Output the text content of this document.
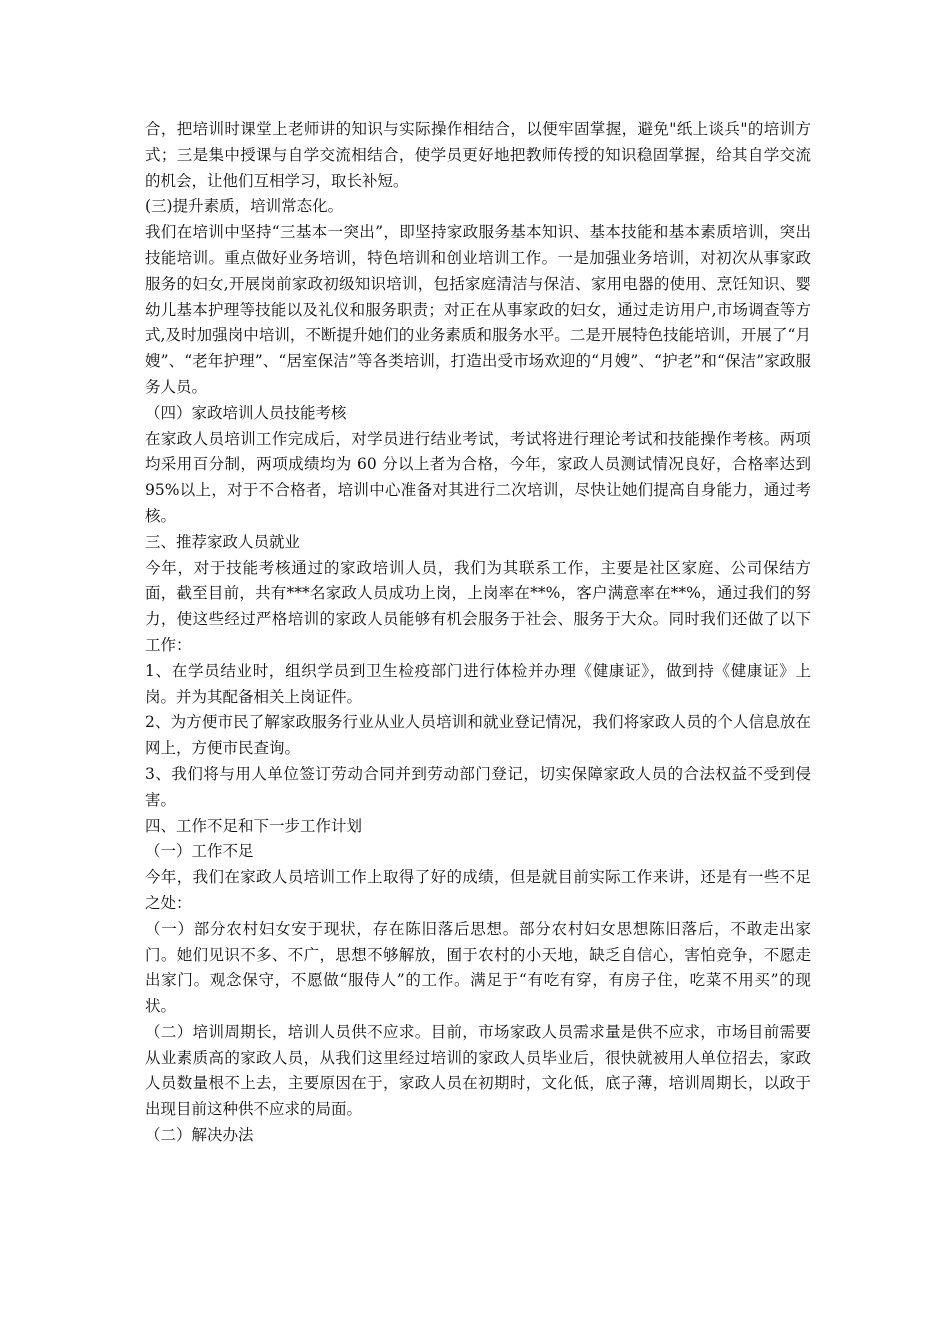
合，把培训时课堂上老师讲的知识与实际操作相结合，以便牢固掌握，避免"纸上谈兵"的培训方式；三是集中授课与自学交流相结合，使学员更好地把教师传授的知识稳固掌握，给其自学交流的机会，让他们互相学习，取长补短。

(三)提升素质，培训常态化。

我们在培训中坚持“三基本一突出”，即坚持家政服务基本知识、基本技能和基本素质培训，突出技能培训。重点做好业务培训，特色培训和创业培训工作。一是加强业务培训，对初次从事家政服务的妇女,开展岗前家政初级知识培训，包括家庭清洁与保洁、家用电器的使用、烹饪知识、婴幼儿基本护理等技能以及礼仪和服务职责；对正在从事家政的妇女，通过走访用户,市场调查等方式,及时加强岗中培训，不断提升她们的业务素质和服务水平。二是开展特色技能培训，开展了“月嫂”、“老年护理”、“居室保洁”等各类培训，打造出受市场欢迎的“月嫂”、“护老”和“保洁”家政服务人员。

（四）家政培训人员技能考核

在家政人员培训工作完成后，对学员进行结业考试，考试将进行理论考试和技能操作考核。两项均采用百分制，两项成绩均为 60 分以上者为合格，今年，家政人员测试情况良好，合格率达到 95%以上，对于不合格者，培训中心准备对其进行二次培训，尽快让她们提高自身能力，通过考核。

三、推荐家政人员就业

今年，对于技能考核通过的家政培训人员，我们为其联系工作，主要是社区家庭、公司保结方面，截至目前，共有***名家政人员成功上岗，上岗率在**%，客户满意率在**%，通过我们的努力，使这些经过严格培训的家政人员能够有机会服务于社会、服务于大众。同时我们还做了以下工作：

1、在学员结业时，组织学员到卫生检疫部门进行体检并办理《健康证》，做到持《健康证》上岗。并为其配备相关上岗证件。

2、为方便市民了解家政服务行业从业人员培训和就业登记情况，我们将家政人员的个人信息放在网上，方便市民查询。

3、我们将与用人单位签订劳动合同并到劳动部门登记，切实保障家政人员的合法权益不受到侵害。

四、工作不足和下一步工作计划

（一）工作不足

今年，我们在家政人员培训工作上取得了好的成绩，但是就目前实际工作来讲，还是有一些不足之处：

（一）部分农村妇女安于现状，存在陈旧落后思想。部分农村妇女思想陈旧落后，不敢走出家门。她们见识不多、不广，思想不够解放，囿于农村的小天地，缺乏自信心，害怕竞争，不愿走出家门。观念保守，不愿做“服侍人”的工作。满足于“有吃有穿，有房子住，吃菜不用买”的现状。

（二）培训周期长，培训人员供不应求。目前，市场家政人员需求量是供不应求，市场目前需要从业素质高的家政人员，从我们这里经过培训的家政人员毕业后，很快就被用人单位招去，家政人员数量根不上去，主要原因在于，家政人员在初期时，文化低，底子薄，培训周期长，以政于出现目前这种供不应求的局面。

（二）解决办法
